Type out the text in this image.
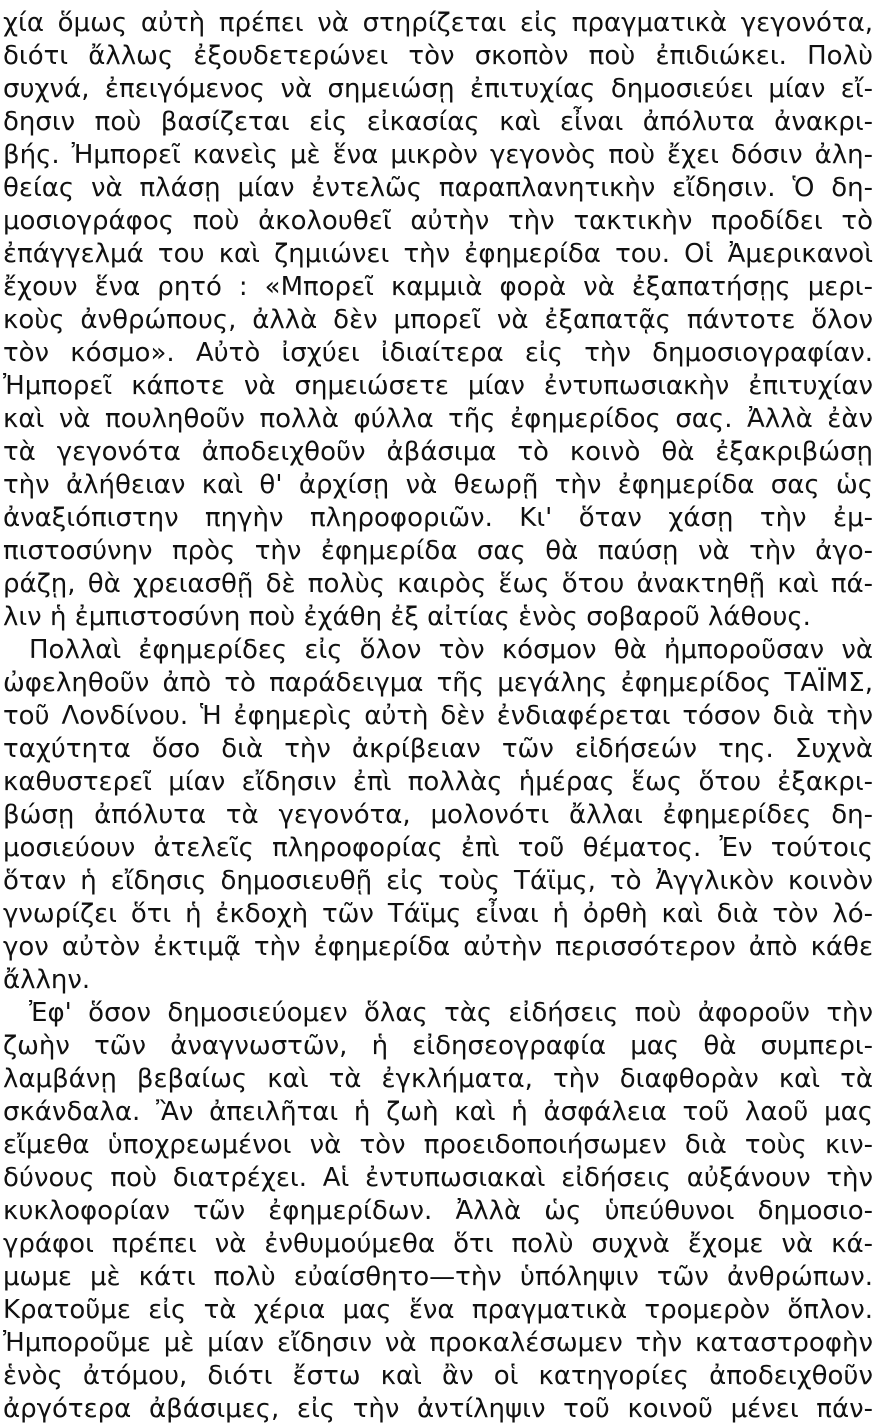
χία ὅμως αὐτὴ πρέπει νὰ στηρίζεται εἰς πραγματικὰ γεγονότα,
διότι ἄλλως ἐξουδετερώνει τὸν σκοπὸν ποὺ ἐπιδιώκει. Πολὺ
συχνά, ἐπειγόμενος νὰ σημειώσῃ ἐπιτυχίας δημοσιεύει μίαν εἴ-
δησιν ποὺ βασίζεται εἰς εἰκασίας καὶ εἶναι ἀπόλυτα ἀνακρι-
βής. Ἠμπορεῖ κανεὶς μὲ ἕνα μικρὸν γεγονὸς ποὺ ἔχει δόσιν ἀλη-
θείας νὰ πλάσῃ μίαν ἐντελῶς παραπλανητικὴν εἴδησιν. Ὁ δη-
μοσιογράφος ποὺ ἀκολουθεῖ αὐτὴν τὴν τακτικὴν προδίδει τὸ
ἐπάγγελμά του καὶ ζημιώνει τὴν ἐφημερίδα του. Οἱ Ἀμερικανοὶ
ἔχουν ἕνα ρητό : «Μπορεῖ καμμιὰ φορὰ νὰ ἐξαπατήσῃς μερι-
κοὺς ἀνθρώπους, ἀλλὰ δὲν μπορεῖ νὰ ἐξαπατᾷς πάντοτε ὅλον
τὸν κόσμο». Αὐτὸ ἰσχύει ἰδιαίτερα εἰς τὴν δημοσιογραφίαν.
Ἠμπορεῖ κάποτε νὰ σημειώσετε μίαν ἐντυπωσιακὴν ἐπιτυχίαν
καὶ νὰ πουληθοῦν πολλὰ φύλλα τῆς ἐφημερίδος σας. Ἀλλὰ ἐὰν
τὰ γεγονότα ἀποδειχθοῦν ἀβάσιμα τὸ κοινὸ θὰ ἐξακριβώσῃ
τὴν ἀλήθειαν καὶ θ' ἀρχίσῃ νὰ θεωρῇ τὴν ἐφημερίδα σας ὡς
ἀναξιόπιστην πηγὴν πληροφοριῶν. Κι' ὅταν χάσῃ τὴν ἐμ-
πιστοσύνην πρὸς τὴν ἐφημερίδα σας θὰ παύσῃ νὰ τὴν ἀγο-
ράζῃ, θὰ χρειασθῇ δὲ πολὺς καιρὸς ἕως ὅτου ἀνακτηθῇ καὶ πά-
λιν ἡ ἐμπιστοσύνη ποὺ ἐχάθη ἐξ αἰτίας ἑνὸς σοβαροῦ λάθους.
Πολλαὶ ἐφημερίδες εἰς ὅλον τὸν κόσμον θὰ ἠμποροῦσαν νὰ
ὠφεληθοῦν ἀπὸ τὸ παράδειγμα τῆς μεγάλης ἐφημερίδος ΤΑΪΜΣ,
τοῦ Λονδίνου. Ἡ ἐφημερὶς αὐτὴ δὲν ἐνδιαφέρεται τόσον διὰ τὴν
ταχύτητα ὅσο διὰ τὴν ἀκρίβειαν τῶν εἰδήσεών της. Συχνὰ
καθυστερεῖ μίαν εἴδησιν ἐπὶ πολλὰς ἡμέρας ἕως ὅτου ἐξακρι-
βώσῃ ἀπόλυτα τὰ γεγονότα, μολονότι ἄλλαι ἐφημερίδες δη-
μοσιεύουν ἀτελεῖς πληροφορίας ἐπὶ τοῦ θέματος. Ἐν τούτοις
ὅταν ἡ εἴδησις δημοσιευθῇ εἰς τοὺς Τάϊμς, τὸ Ἀγγλικὸν κοινὸν
γνωρίζει ὅτι ἡ ἐκδοχὴ τῶν Τάϊμς εἶναι ἡ ὀρθὴ καὶ διὰ τὸν λό-
γον αὐτὸν ἐκτιμᾷ τὴν ἐφημερίδα αὐτὴν περισσότερον ἀπὸ κάθε
ἄλλην.
Ἐφ' ὅσον δημοσιεύομεν ὅλας τὰς εἰδήσεις ποὺ ἀφοροῦν τὴν
ζωὴν τῶν ἀναγνωστῶν, ἡ εἰδησεογραφία μας θὰ συμπερι-
λαμβάνῃ βεβαίως καὶ τὰ ἐγκλήματα, τὴν διαφθορὰν καὶ τὰ
σκάνδαλα. Ἂν ἀπειλῆται ἡ ζωὴ καὶ ἡ ἀσφάλεια τοῦ λαοῦ μας
εἴμεθα ὑποχρεωμένοι νὰ τὸν προειδοποιήσωμεν διὰ τοὺς κιν-
δύνους ποὺ διατρέχει. Αἱ ἐντυπωσιακαὶ εἰδήσεις αὐξάνουν τὴν
κυκλοφορίαν τῶν ἐφημερίδων. Ἀλλὰ ὡς ὑπεύθυνοι δημοσιο-
γράφοι πρέπει νὰ ἐνθυμούμεθα ὅτι πολὺ συχνὰ ἔχομε νὰ κά-
μωμε μὲ κάτι πολὺ εὐαίσθητο—τὴν ὑπόληψιν τῶν ἀνθρώπων.
Κρατοῦμε εἰς τὰ χέρια μας ἕνα πραγματικὰ τρομερὸν ὅπλον.
Ἠμποροῦμε μὲ μίαν εἴδησιν νὰ προκαλέσωμεν τὴν καταστροφὴν
ἑνὸς ἀτόμου, διότι ἔστω καὶ ἂν οἱ κατηγορίες ἀποδειχθοῦν
ἀργότερα ἀβάσιμες, εἰς τὴν ἀντίληψιν τοῦ κοινοῦ μένει πάν-
